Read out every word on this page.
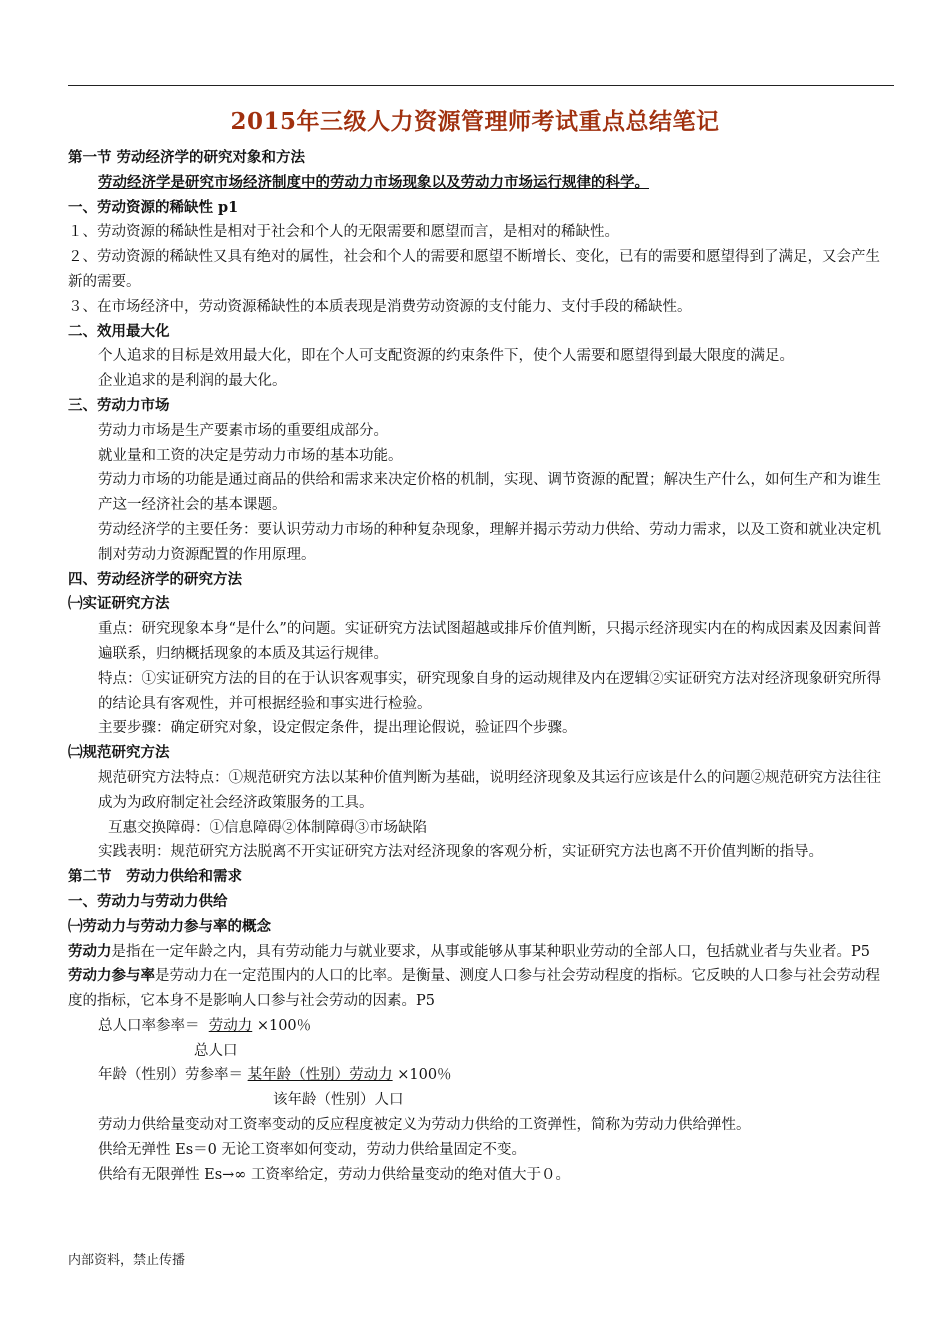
2015年三级人力资源管理师考试重点总结笔记

第一节 劳动经济学的研究对象和方法

劳动经济学是研究市场经济制度中的劳动力市场现象以及劳动力市场运行规律的科学。

一、劳动资源的稀缺性 p1

１、劳动资源的稀缺性是相对于社会和个人的无限需要和愿望而言，是相对的稀缺性。

２、劳动资源的稀缺性又具有绝对的属性，社会和个人的需要和愿望不断增长、变化，已有的需要和愿望得到了满足，又会产生新的需要。

３、在市场经济中，劳动资源稀缺性的本质表现是消费劳动资源的支付能力、支付手段的稀缺性。

二、效用最大化

个人追求的目标是效用最大化，即在个人可支配资源的约束条件下，使个人需要和愿望得到最大限度的满足。

企业追求的是利润的最大化。

三、劳动力市场

劳动力市场是生产要素市场的重要组成部分。

就业量和工资的决定是劳动力市场的基本功能。

劳动力市场的功能是通过商品的供给和需求来决定价格的机制，实现、调节资源的配置；解决生产什么，如何生产和为谁生产这一经济社会的基本课题。

劳动经济学的主要任务：要认识劳动力市场的种种复杂现象，理解并揭示劳动力供给、劳动力需求，以及工资和就业决定机制对劳动力资源配置的作用原理。

四、劳动经济学的研究方法

㈠实证研究方法

重点：研究现象本身“是什么”的问题。实证研究方法试图超越或排斥价值判断，只揭示经济现实内在的构成因素及因素间普遍联系，归纳概括现象的本质及其运行规律。

特点：①实证研究方法的目的在于认识客观事实，研究现象自身的运动规律及内在逻辑②实证研究方法对经济现象研究所得的结论具有客观性，并可根据经验和事实进行检验。

主要步骤：确定研究对象，设定假定条件，提出理论假说，验证四个步骤。

㈡规范研究方法

规范研究方法特点：①规范研究方法以某种价值判断为基础，说明经济现象及其运行应该是什么的问题②规范研究方法往往成为为政府制定社会经济政策服务的工具。

互惠交换障碍：①信息障碍②体制障碍③市场缺陷

实践表明：规范研究方法脱离不开实证研究方法对经济现象的客观分析，实证研究方法也离不开价值判断的指导。

第二节　劳动力供给和需求

一、劳动力与劳动力供给

㈠劳动力与劳动力参与率的概念

劳动力是指在一定年龄之内，具有劳动能力与就业要求，从事或能够从事某种职业劳动的全部人口，包括就业者与失业者。P5

劳动力参与率是劳动力在一定范围内的人口的比率。是衡量、测度人口参与社会劳动程度的指标。它反映的人口参与社会劳动程度的指标，它本身不是影响人口参与社会劳动的因素。P5

总人口率参率＝ 劳动力 ×100％

总人口

年龄（性别）劳参率＝ 某年龄（性别）劳动力 ×100％

该年龄（性别）人口

劳动力供给量变动对工资率变动的反应程度被定义为劳动力供给的工资弹性，简称为劳动力供给弹性。

供给无弹性 Es＝0 无论工资率如何变动，劳动力供给量固定不变。

供给有无限弹性 Es→∞ 工资率给定，劳动力供给量变动的绝对值大于０。

内部资料，禁止传播
